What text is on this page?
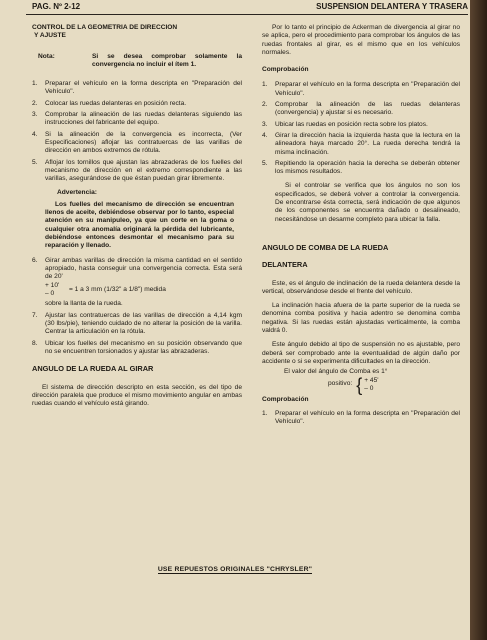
PAG. Nº 2-12	SUSPENSION DELANTERA Y TRASERA

CONTROL DE LA GEOMETRIA DE DIRECCION

Y AJUSTE

Nota:	Si se desea comprobar solamente la convergencia no incluir el ítem 1.
1.	Preparar el vehículo en la forma descripta en "Preparación del Vehículo".
2.	Colocar las ruedas delanteras en posición recta.
3.	Comprobar la alineación de las ruedas delanteras siguiendo las instrucciones del fabricante del equipo.
4.	Si la alineación de la convergencia es incorrecta, (Ver Especificaciones) aflojar las contratuercas de las varillas de dirección en ambos extremos de rótula.
5.	Aflojar los tornillos que ajustan las abrazaderas de los fuelles del mecanismo de dirección en el extremo correspondiente a las varillas, asegurándose de que éstan puedan girar libremente.

Advertencia:

Los fuelles del mecanismo de dirección se encuentran llenos de aceite, debiéndose observar por lo tanto, especial atención en su manipuleo, ya que un corte en la goma o cualquier otra anomalía originará la pérdida del lubricante, debiéndose entonces desmontar el mecanismo para su reparación y llenado.

6.	Girar ambas varillas de dirección la misma cantidad en el sentido apropiado, hasta conseguir una convergencia correcta. Esta será de 20'

+ 10'
– 0
= 1 a 3 mm (1/32" a 1/8") medida

sobre la llanta de la rueda.

7.	Ajustar las contratuercas de las varillas de dirección a 4,14 kgm (30 lbs/pie), teniendo cuidado de no alterar la posición de la varilla. Centrar la articulación en la rótula.
8.	Ubicar los fuelles del mecanismo en su posición observando que no se encuentren torsionados y ajustar las abrazaderas.

ANGULO DE LA RUEDA AL GIRAR

El sistema de dirección descripto en esta sección, es del tipo de dirección paralela que produce el mismo movimiento angular en ambas ruedas cuando el vehículo está girando.

Por lo tanto el principio de Ackerman de divergencia al girar no se aplica, pero el procedimiento para comprobar los ángulos de las ruedas frontales al girar, es el mismo que en los vehículos normales.

Comprobación

1.	Preparar el vehículo en la forma descripta en "Preparación del Vehículo".
2.	Comprobar la alineación de las ruedas delanteras (convergencia) y ajustar si es necesario.
3.	Ubicar las ruedas en posición recta sobre los platos.
4.	Girar la dirección hacia la izquierda hasta que la lectura en la alineadora haya marcado 20°. La rueda derecha tendrá la misma inclinación.
5.	Repitiendo la operación hacia la derecha se deberán obtener los mismos resultados.

Si el controlar se verifica que los ángulos no son los especificados, se deberá volver a controlar la convergencia. De encontrarse ésta correcta, será indicación de que algunos de los componentes se encuentra dañado o desalineado, necesitándose un desarme completo para ubicar la falla.

ANGULO DE COMBA DE LA RUEDA

DELANTERA

Este, es el ángulo de inclinación de la rueda delantera desde la vertical, observándose desde el frente del vehículo.

La inclinación hacia afuera de la parte superior de la rueda se denomina comba positiva y hacia adentro se denomina comba negativa. Si las ruedas están ajustadas verticalmente, la comba valdrá 0.

Este ángulo debido al tipo de suspensión no es ajustable, pero deberá ser comprobado ante la eventualidad de algún daño por accidente o si se experimenta dificultades en la dirección.

El valor del ángulo de Comba es 1°

positivo: { + 45'
– 0

Comprobación

1.	Preparar el vehículo en la forma descripta en "Preparación del Vehículo".
USE REPUESTOS ORIGINALES "CHRYSLER"
